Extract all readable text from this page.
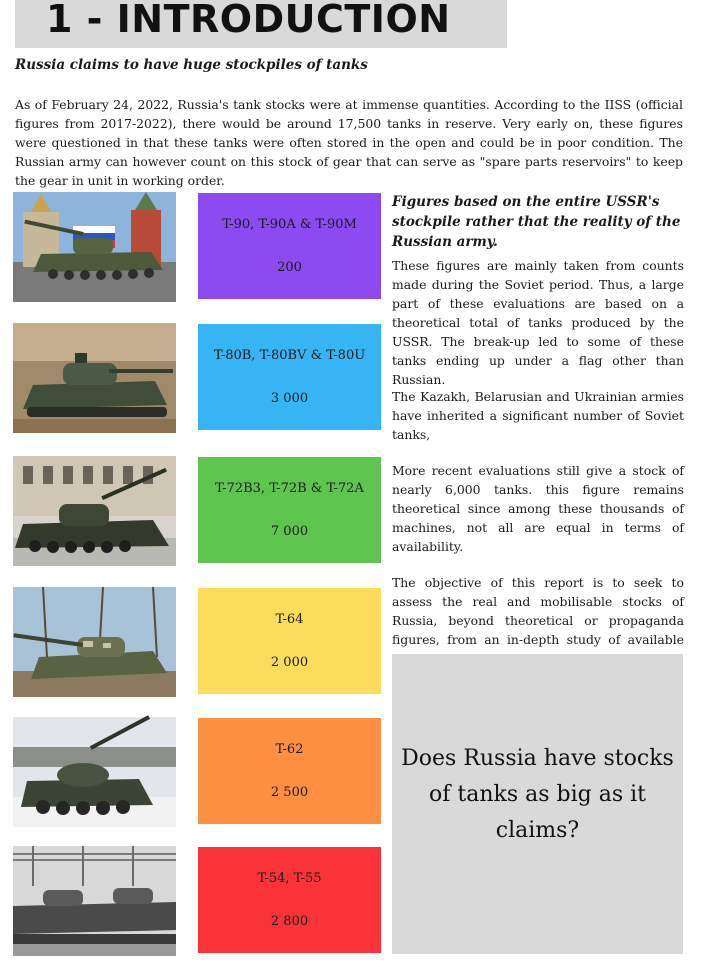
1 - INTRODUCTION
Russia claims to have huge stockpiles of tanks

As of February 24, 2022, Russia's tank stocks were at immense quantities. According to the IISS (official figures from 2017-2022), there would be around 17,500 tanks in reserve. Very early on, these figures were questioned in that these tanks were often stored in the open and could be in poor condition. The Russian army can however count on this stock of gear that can serve as "spare parts reservoirs" to keep the gear in unit in working order.

T-90, T-90A & T-90M
200
T-80B, T-80BV & T-80U
3 000
T-72B3, T-72B & T-72A
7 000
T-64
2 000
T-62
2 500
T-54, T-55
2 800
Figures based on the entire USSR's stockpile rather that the reality of the Russian army.

These figures are mainly taken from counts made during the Soviet period. Thus, a large part of these evaluations are based on a theoretical total of tanks produced by the USSR. The break-up led to some of these tanks ending up under a flag other than Russian.

The Kazakh, Belarusian and Ukrainian armies have inherited a significant number of Soviet tanks,

More recent evaluations still give a stock of nearly 6,000 tanks. this figure remains theoretical since among these thousands of machines, not all are equal in terms of availability.

The objective of this report is to seek to assess the real and mobilisable stocks of Russia, beyond theoretical or propaganda figures, from an in-depth study of available

Does Russia have stocks of tanks as big as it claims?
